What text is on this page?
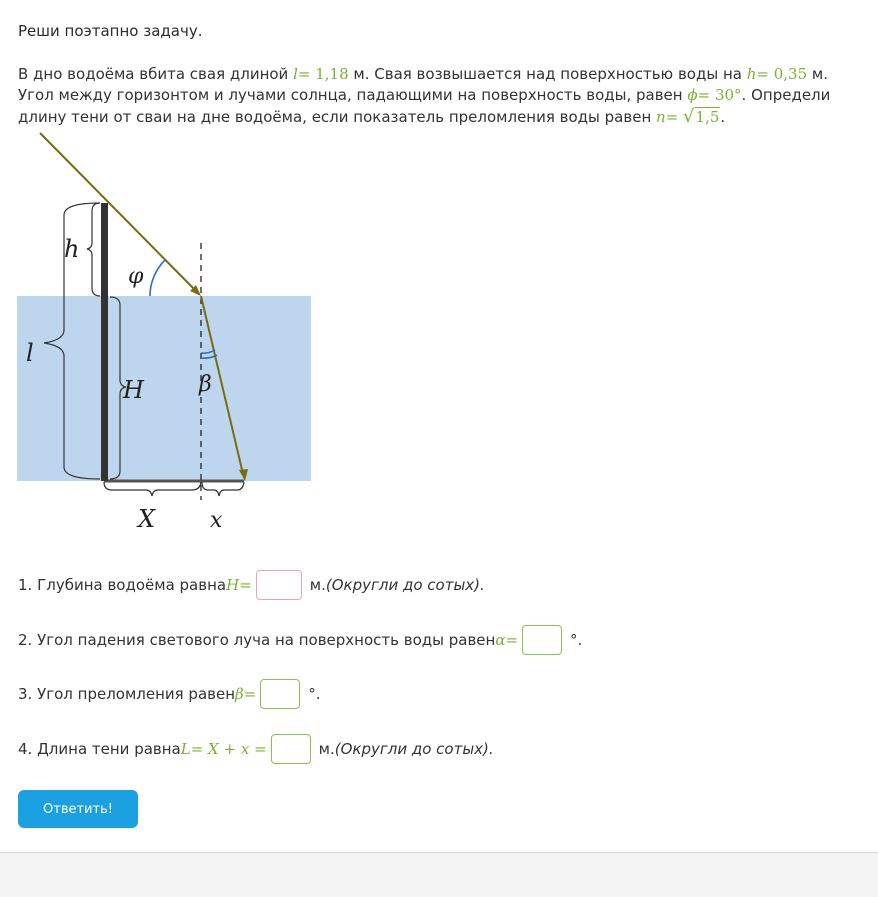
Реши поэтапно задачу.
В дно водоёма вбита свая длиной l= 1,18 м. Свая возвышается над поверхностью воды на h= 0,35 м. Угол между горизонтом и лучами солнца, падающими на поверхность воды, равен ϕ= 30°. Определи длину тени от сваи на дне водоёма, если показатель преломления воды равен n= √1,5.
h
l
φ
H	β
X x
1. Глубина водоёма равна H =	м. (Округли до сотых).
2. Угол падения светового луча на поверхность воды равен α =	°.
3. Угол преломления равен β =	°.
4. Длина тени равна L = X + x =	м. (Округли до сотых).
Ответить!
